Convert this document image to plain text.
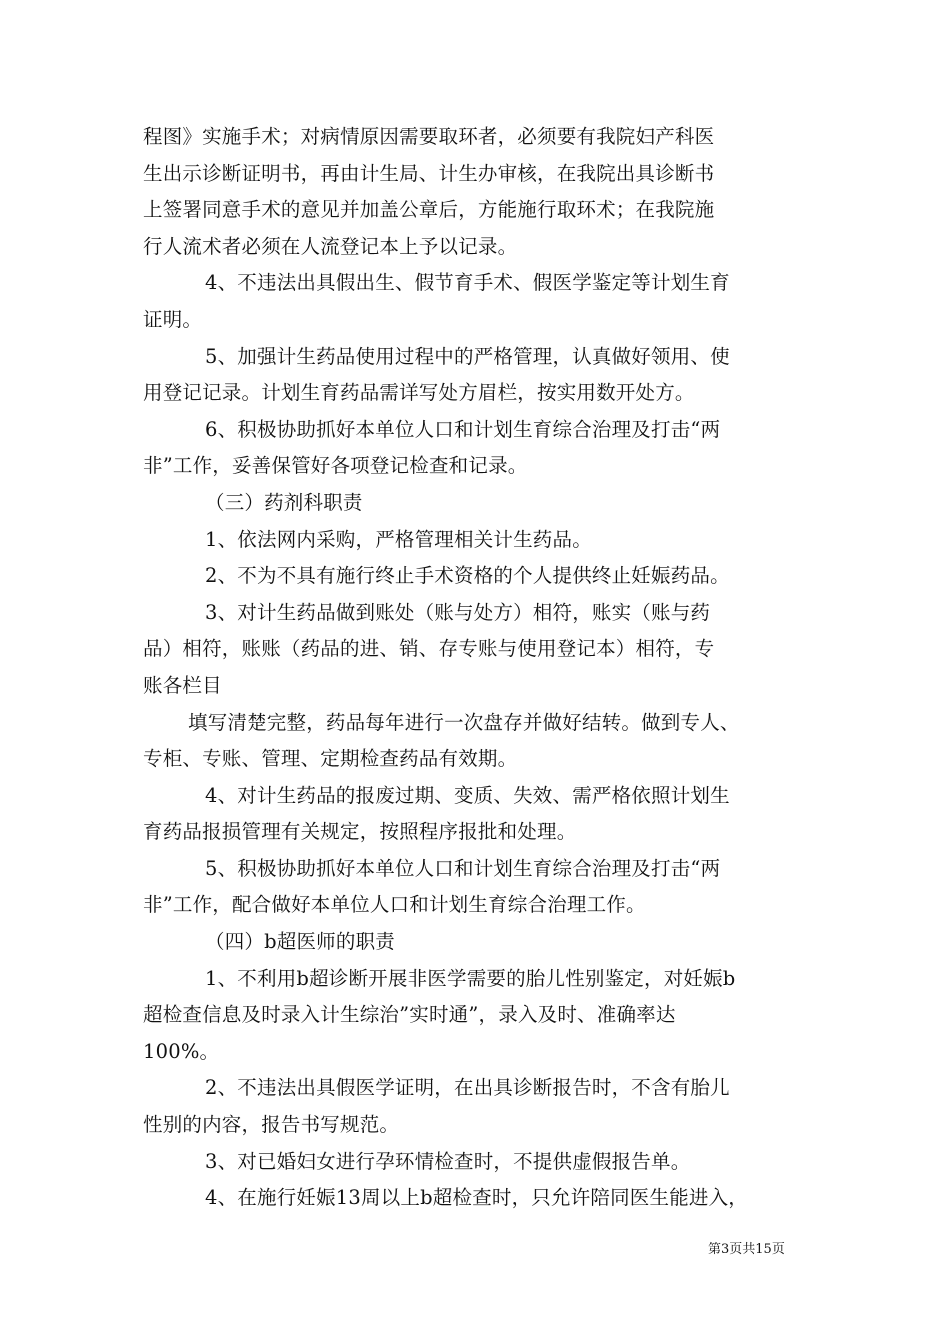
程图》实施手术；对病情原因需要取环者，必须要有我院妇产科医
生出示诊断证明书，再由计生局、计生办审核，在我院出具诊断书
上签署同意手术的意见并加盖公章后，方能施行取环术；在我院施
行人流术者必须在人流登记本上予以记录。
4、不违法出具假出生、假节育手术、假医学鉴定等计划生育
证明。
5、加强计生药品使用过程中的严格管理，认真做好领用、使
用登记记录。计划生育药品需详写处方眉栏，按实用数开处方。
6、积极协助抓好本单位人口和计划生育综合治理及打击“两
非”工作，妥善保管好各项登记检查和记录。
（三）药剂科职责
1、依法网内采购，严格管理相关计生药品。
2、不为不具有施行终止手术资格的个人提供终止妊娠药品。
3、对计生药品做到账处（账与处方）相符，账实（账与药
品）相符，账账（药品的进、销、存专账与使用登记本）相符，专
账各栏目
填写清楚完整，药品每年进行一次盘存并做好结转。做到专人、
专柜、专账、管理、定期检查药品有效期。
4、对计生药品的报废过期、变质、失效、需严格依照计划生
育药品报损管理有关规定，按照程序报批和处理。
5、积极协助抓好本单位人口和计划生育综合治理及打击“两
非”工作，配合做好本单位人口和计划生育综合治理工作。
（四）b超医师的职责
1、不利用b超诊断开展非医学需要的胎儿性别鉴定，对妊娠b
超检查信息及时录入计生综治”实时通”，录入及时、准确率达
100%。
2、不违法出具假医学证明，在出具诊断报告时，不含有胎儿
性别的内容，报告书写规范。
3、对已婚妇女进行孕环情检查时，不提供虚假报告单。
4、在施行妊娠13周以上b超检查时，只允许陪同医生能进入，
第3页共15页
